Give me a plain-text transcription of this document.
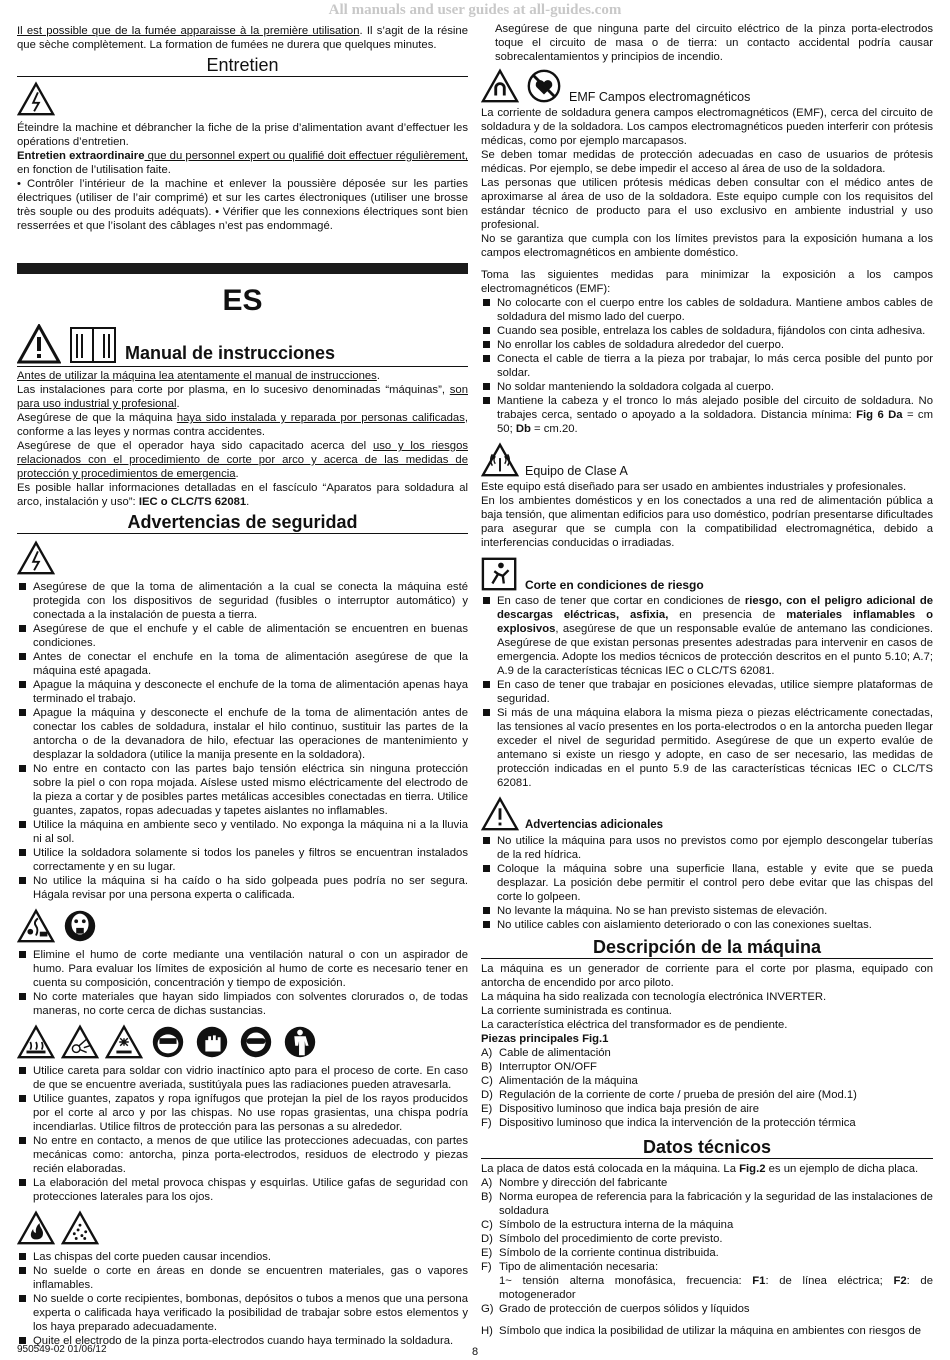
All manuals and user guides at all-guides.com

Il est possible que de la fumée apparaisse à la première utilisation. Il s’agit de la résine que sèche complètement. La formation de fumées ne durera que quelques minutes.

Entretien

Éteindre la machine et débrancher la fiche de la prise d’alimentation avant d’effectuer les opérations d’entretien.

Entretien extraordinaire que du personnel expert ou qualifié doit effectuer régulièrement, en fonction de l’utilisation faite.

• Contrôler l’intérieur de la machine et enlever la poussière déposée sur les parties électriques (utiliser de l’air comprimé) et sur les cartes électroniques (utiliser une brosse très souple ou des produits adéquats). • Vérifier que les connexions électriques sont bien resserrées et que l’isolant des câblages n’est pas endommagé.

ES
Manual de instrucciones

Antes de utilizar la máquina lea atentamente el manual de instrucciones.

Las instalaciones para corte por plasma, en lo sucesivo denominadas “máquinas”, son para uso industrial y profesional.

Asegúrese de que la máquina haya sido instalada y reparada por personas calificadas, conforme a las leyes y normas contra accidentes.

Asegúrese de que el operador haya sido capacitado acerca del uso y los riesgos relacionados con el procedimiento de corte por arco y acerca de las medidas de protección y procedimientos de emergencia.

Es posible hallar informaciones detalladas en el fascículo “Aparatos para soldadura al arco, instalación y uso”: IEC o CLC/TS 62081.

Advertencias de seguridad
Asegúrese de que la toma de alimentación a la cual se conecta la máquina esté protegida con los dispositivos de seguridad (fusibles o interruptor automático) y conectada a la instalación de puesta a tierra.
Asegúrese de que el enchufe y el cable de alimentación se encuentren en buenas condiciones.
Antes de conectar el enchufe en la toma de alimentación asegúrese de que la máquina esté apagada.
Apague la máquina y desconecte el enchufe de la toma de alimentación apenas haya terminado el trabajo.
Apague la máquina y desconecte el enchufe de la toma de alimentación antes de conectar los cables de soldadura, instalar el hilo continuo, sustituir las partes de la antorcha o de la devanadora de hilo, efectuar las operaciones de mantenimiento y desplazar la soldadora (utilice la manija presente en la soldadora).
No entre en contacto con las partes bajo tensión eléctrica sin ninguna protección sobre la piel o con ropa mojada. Aíslese usted mismo eléctricamente del electrodo de la pieza a cortar y de posibles partes metálicas accesibles conectadas en tierra. Utilice guantes, zapatos, ropas adecuadas y tapetes aislantes no inflamables.
Utilice la máquina en ambiente seco y ventilado. No exponga la máquina ni a la lluvia ni al sol.
Utilice la soldadora solamente si todos los paneles y filtros se encuentran instalados correctamente y en su lugar.
No utilice la máquina si ha caído o ha sido golpeada pues podría no ser segura. Hágala revisar por una persona experta o calificada.
Elimine el humo de corte mediante una ventilación natural o con un aspirador de humo. Para evaluar los límites de exposición al humo de corte es necesario tener en cuenta su composición, concentración y tiempo de exposición.
No corte materiales que hayan sido limpiados con solventes clorurados o, de todas maneras, no corte cerca de dichas sustancias.
Utilice careta para soldar con vidrio inactínico apto para el proceso de corte. En caso de que se encuentre averiada, sustitúyala pues las radiaciones pueden atravesarla.
Utilice guantes, zapatos y ropa ignífugos que protejan la piel de los rayos producidos por el corte al arco y por las chispas. No use ropas grasientas, una chispa podría incendiarlas. Utilice filtros de protección para las personas a su alrededor.
No entre en contacto, a menos de que utilice las protecciones adecuadas, con partes mecánicas como: antorcha, pinza porta-electrodos, residuos de electrodo y piezas recién elaboradas.
La elaboración del metal provoca chispas y esquirlas. Utilice gafas de seguridad con protecciones laterales para los ojos.
Las chispas del corte pueden causar incendios.
No suelde o corte en áreas en donde se encuentren materiales, gas o vapores inflamables.
No suelde o corte recipientes, bombonas, depósitos o tubos a menos que una persona experta o calificada haya verificado la posibilidad de trabajar sobre estos elementos y los haya preparado adecuadamente.
Quite el electrodo de la pinza porta-electrodos cuando haya terminado la soldadura.

Asegúrese de que ninguna parte del circuito eléctrico de la pinza porta-electrodos toque el circuito de masa o de tierra: un contacto accidental podría causar sobrecalentamientos y principios de incendio.

EMF Campos electromagnéticos

La corriente de soldadura genera campos electromagnéticos (EMF), cerca del circuito de soldadura y de la soldadora. Los campos electromagnéticos pueden interferir con prótesis médicas, como por ejemplo marcapasos.

Se deben tomar medidas de protección adecuadas en caso de usuarios de prótesis médicas. Por ejemplo, se debe impedir el acceso al área de uso de la soldadora.

Las personas que utilicen prótesis médicas deben consultar con el médico antes de aproximarse al área de uso de la soldadora. Este equipo cumple con los requisitos del estándar técnico de producto para el uso exclusivo en ambiente industrial y uso profesional.

No se garantiza que cumpla con los límites previstos para la exposición humana a los campos electromagnéticos en ambiente doméstico.

Toma las siguientes medidas para minimizar la exposición a los campos electromagnéticos (EMF):

No colocarte con el cuerpo entre los cables de soldadura. Mantiene ambos cables de soldadura del mismo lado del cuerpo.
Cuando sea posible, entrelaza los cables de soldadura, fijándolos con cinta adhesiva.
No enrollar los cables de soldadura alrededor del cuerpo.
Conecta el cable de tierra a la pieza por trabajar, lo más cerca posible del punto por soldar.
No soldar manteniendo la soldadora colgada al cuerpo.
Mantiene la cabeza y el tronco lo más alejado posible del circuito de soldadura. No trabajes cerca, sentado o apoyado a la soldadora. Distancia mínima: Fig 6 Da = cm 50; Db = cm.20.
Equipo de Clase A

Este equipo está diseñado para ser usado en ambientes industriales y profesionales.

En los ambientes domésticos y en los conectados a una red de alimentación pública a baja tensión, que alimentan edificios para uso doméstico, podrían presentarse dificultades para asegurar que se cumpla con la compatibilidad electromagnética, debido a interferencias conducidas o irradiadas.

Corte en condiciones de riesgo
En caso de tener que cortar en condiciones de riesgo, con el peligro adicional de descargas eléctricas, asfixia, en presencia de materiales inflamables o explosivos, asegúrese de que un responsable evalúe de antemano las condiciones. Asegúrese de que existan personas presentes adestradas para intervenir en casos de emergencia. Adopte los medios técnicos de protección descritos en el punto 5.10; A.7; A.9 de la características técnicas IEC o CLC/TS 62081.
En caso de tener que trabajar en posiciones elevadas, utilice siempre plataformas de seguridad.
Si más de una máquina elabora la misma pieza o piezas eléctricamente conectadas, las tensiones al vacío presentes en los porta-electrodos o en la antorcha pueden llegar exceder el nivel de seguridad permitido. Asegúrese de que un experto evalúe de antemano si existe un riesgo y adopte, en caso de ser necesario, las medidas de protección indicadas en el punto 5.9 de las características técnicas IEC o CLC/TS 62081.
Advertencias adicionales
No utilice la máquina para usos no previstos como por ejemplo descongelar tuberías de la red hídrica.
Coloque la máquina sobre una superficie llana, estable y evite que se pueda desplazar. La posición debe permitir el control pero debe evitar que las chispas del corte lo golpeen.
No levante la máquina. No se han previsto sistemas de elevación.
No utilice cables con aislamiento deteriorado o con las conexiones sueltas.
Descripción de la máquina

La máquina es un generador de corriente para el corte por plasma, equipado con antorcha de encendido por arco piloto.

La máquina ha sido realizada con tecnología electrónica INVERTER.

La corriente suministrada es continua.

La característica eléctrica del transformador es de pendiente.

Piezas principales Fig.1

A) Cable de alimentación
B) Interruptor ON/OFF
C) Alimentación de la máquina
D) Regulación de la corriente de corte / prueba de presión del aire (Mod.1)
E) Dispositivo luminoso que indica baja presión de aire
F) Dispositivo luminoso que indica la intervención de la protección térmica
Datos técnicos

La placa de datos está colocada en la máquina. La Fig.2 es un ejemplo de dicha placa.

A) Nombre y dirección del fabricante
B) Norma europea de referencia para la fabricación y la seguridad de las instalaciones de soldadura
C) Símbolo de la estructura interna de la máquina
D) Símbolo del procedimiento de corte previsto.
E) Símbolo de la corriente continua distribuida.
F) Tipo de alimentación necesaria:

1~ tensión alterna monofásica, frecuencia: F1: de línea eléctrica; F2: de motogenerador

G) Grado de protección de cuerpos sólidos y líquidos
H) Símbolo que indica la posibilidad de utilizar la máquina en ambientes con riesgos de
950549-02 01/06/12	8
